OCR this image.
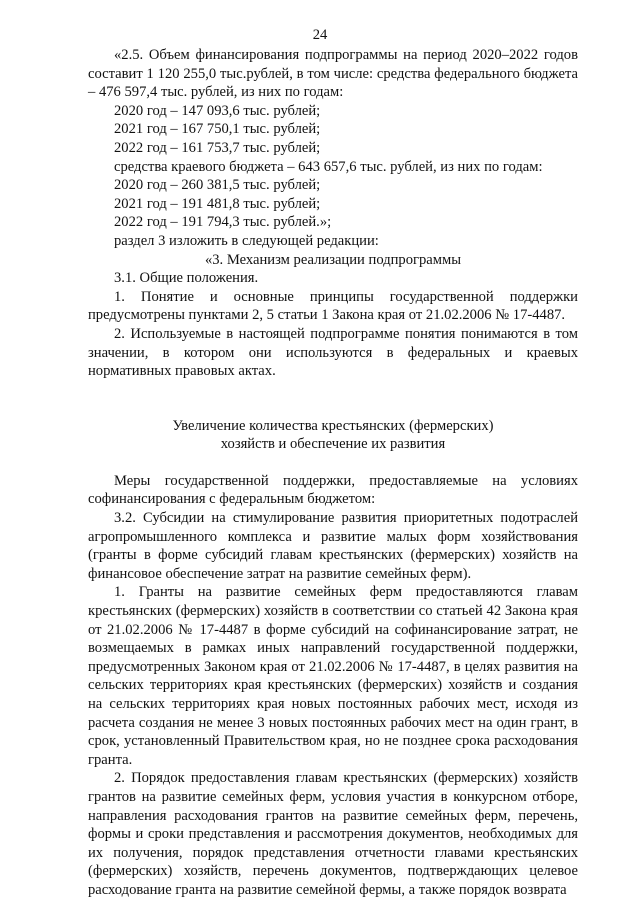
24

«2.5. Объем финансирования подпрограммы на период 2020–2022 годов составит 1 120 255,0 тыс.рублей, в том числе: средства федерального бюджета – 476 597,4 тыс. рублей, из них по годам:

2020 год – 147 093,6 тыс. рублей;

2021 год – 167 750,1 тыс. рублей;

2022 год – 161 753,7 тыс. рублей;

средства краевого бюджета – 643 657,6 тыс. рублей, из них по годам:

2020 год – 260 381,5 тыс. рублей;

2021 год – 191 481,8 тыс. рублей;

2022 год – 191 794,3 тыс. рублей.»;

раздел 3 изложить в следующей редакции:

«3. Механизм реализации подпрограммы

3.1. Общие положения.

1. Понятие и основные принципы государственной поддержки предусмотрены пунктами 2, 5 статьи 1 Закона края от 21.02.2006 № 17-4487.

2. Используемые в настоящей подпрограмме понятия понимаются в том значении, в котором они используются в федеральных и краевых нормативных правовых актах.

Увеличение количества крестьянских (фермерских)

хозяйств и обеспечение их развития

Меры государственной поддержки, предоставляемые на условиях софинансирования с федеральным бюджетом:

3.2. Субсидии на стимулирование развития приоритетных подотраслей агропромышленного комплекса и развитие малых форм хозяйствования (гранты в форме субсидий главам крестьянских (фермерских) хозяйств на финансовое обеспечение затрат на развитие семейных ферм).

1. Гранты на развитие семейных ферм предоставляются главам крестьянских (фермерских) хозяйств в соответствии со статьей 42 Закона края от 21.02.2006 № 17-4487 в форме субсидий на софинансирование затрат, не возмещаемых в рамках иных направлений государственной поддержки, предусмотренных Законом края от 21.02.2006 № 17-4487, в целях развития на сельских территориях края крестьянских (фермерских) хозяйств и создания на сельских территориях края новых постоянных рабочих мест, исходя из расчета создания не менее 3 новых постоянных рабочих мест на один грант, в срок, установленный Правительством края, но не позднее срока расходования гранта.

2. Порядок предоставления главам крестьянских (фермерских) хозяйств грантов на развитие семейных ферм, условия участия в конкурсном отборе, направления расходования грантов на развитие семейных ферм, перечень, формы и сроки представления и рассмотрения документов, необходимых для их получения, порядок представления отчетности главами крестьянских (фермерских) хозяйств, перечень документов, подтверждающих целевое расходование гранта на развитие семейной фермы, а также порядок возврата
